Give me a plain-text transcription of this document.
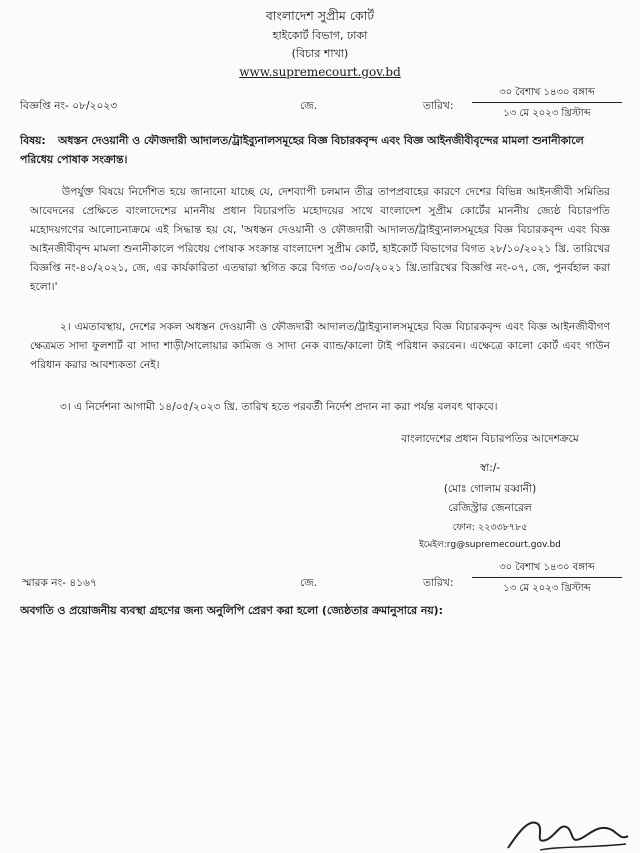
বাংলাদেশ সুপ্রীম কোর্ট
হাইকোর্ট বিভাগ, ঢাকা
(বিচার শাখা)
www.supremecourt.gov.bd
বিজ্ঞপ্তি নং- ০৮/২০২৩	জে.	তারিখ:
৩০ বৈশাখ ১৪৩০ বঙ্গাব্দ
১৩ মে ২০২৩ খ্রিস্টাব্দ
বিষয়: অধস্তন দেওয়ানী ও ফৌজদারী আদালত/ট্রাইব্যুনালসমূহের বিজ্ঞ বিচারকবৃন্দ এবং বিজ্ঞ আইনজীবীবৃন্দের মামলা শুনানীকালে পরিধেয় পোষাক সংক্রান্ত।
উপর্যুক্ত বিষয়ে নির্দেশিত হয়ে জানানো যাচ্ছে যে, দেশব্যাপী চলমান তীব্র তাপপ্রবাহের কারণে দেশের বিভিন্ন আইনজীবী সমিতির আবেদনের প্রেক্ষিতে বাংলাদেশের মাননীয় প্রধান বিচারপতি মহোদয়ের সাথে বাংলাদেশ সুপ্রীম কোর্টের মাননীয় জ্যেষ্ঠ বিচারপতি মহোদয়গণের আলোচনাক্রমে এই সিদ্ধান্ত হয় যে, 'অধস্তন দেওয়ানী ও ফৌজদারী আদালত/ট্রাইব্যুনালসমূহের বিজ্ঞ বিচারকবৃন্দ এবং বিজ্ঞ আইনজীবীবৃন্দ মামলা শুনানীকালে পরিধেয় পোষাক সংক্রান্ত বাংলাদেশ সুপ্রীম কোর্ট, হাইকোর্ট বিভাগের বিগত ২৮/১০/২০২১ খ্রি. তারিখের বিজ্ঞপ্তি নং-৪০/২০২১, জে, এর কার্যকারিতা এতদ্বারা স্থগিত করে বিগত ৩০/০৩/২০২১ খ্রি.তারিখের বিজ্ঞপ্তি নং-০৭, জে, পুনর্বহাল করা হলো।'
২। এমতাবস্থায়, দেশের সকল অধস্তন দেওয়ানী ও ফৌজদারী আদালত/ট্রাইব্যুনালসমূহের বিজ্ঞ বিচারকবৃন্দ এবং বিজ্ঞ আইনজীবীগণ ক্ষেত্রমত সাদা ফুলশার্ট বা সাদা শাড়ী/সালোয়ার কামিজ ও সাদা নেক ব্যান্ড/কালো টাই পরিধান করবেন। এক্ষেত্রে কালো কোর্ট এবং গাউন পরিধান করার আবশ্যকতা নেই।
৩। এ নির্দেশনা আগামী ১৪/০৫/২০২৩ খ্রি. তারিখ হতে পরবর্তী নির্দেশ প্রদান না করা পর্যন্ত বলবৎ থাকবে।
বাংলাদেশের প্রধান বিচারপতির আদেশক্রমে
স্বা:/-
(মোঃ গোলাম রব্বানী)
রেজিস্ট্রার জেনারেল
ফোন: ২২৩৩৮৭৮৫
ইমেইল:rg@supremecourt.gov.bd
স্মারক নং- ৪১৬৭	জে.	তারিখ:
৩০ বৈশাখ ১৪৩০ বঙ্গাব্দ
১৩ মে ২০২৩ খ্রিস্টাব্দ
অবগতি ও প্রয়োজনীয় ব্যবস্থা গ্রহণের জন্য অনুলিপি প্রেরণ করা হলো (জ্যেষ্ঠতার ক্রমানুসারে নয়):
